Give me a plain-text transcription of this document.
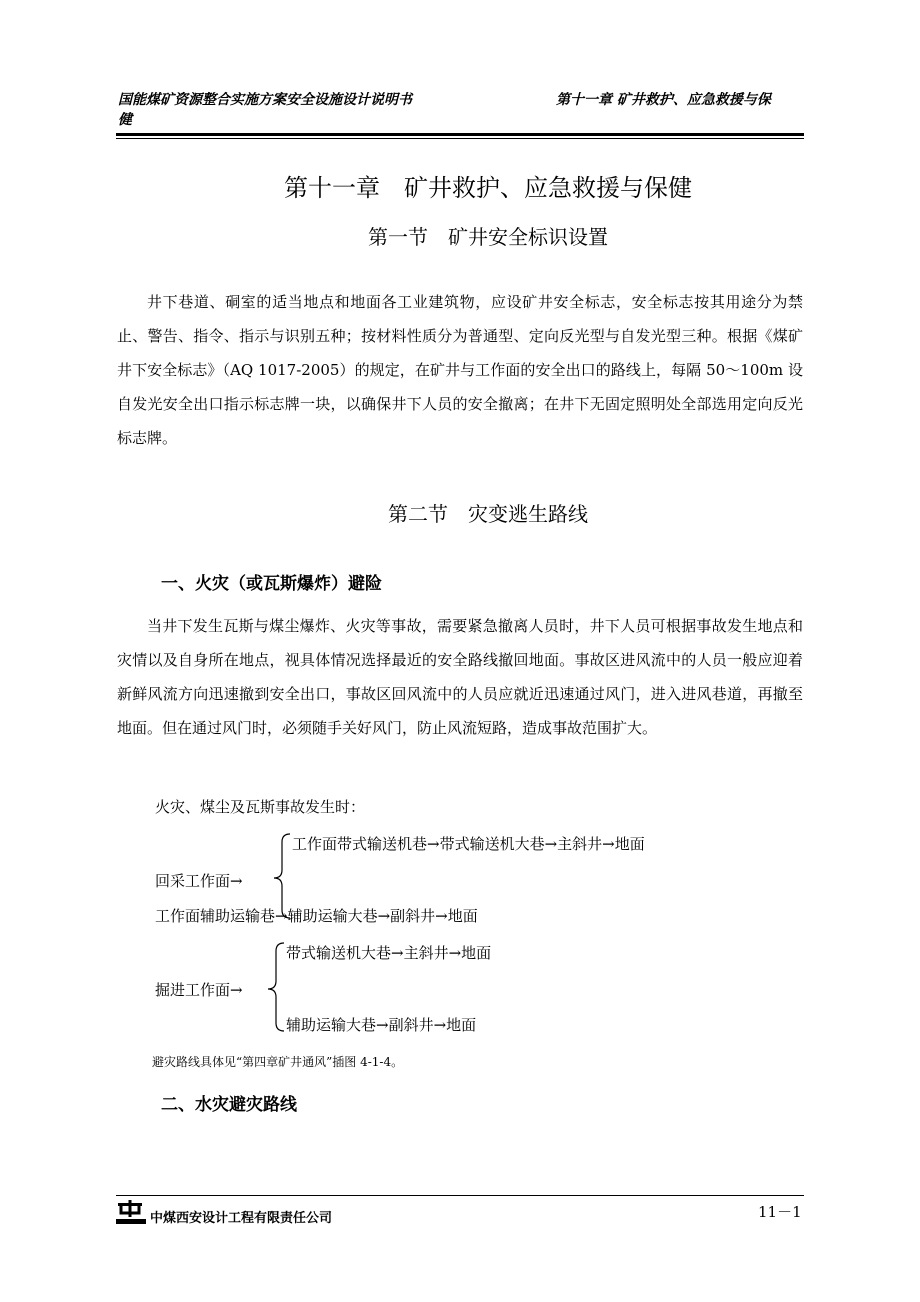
国能煤矿资源整合实施方案安全设施设计说明书
健
第十一章 矿井救护、应急救援与保
第十一章　矿井救护、应急救援与保健
第一节　矿井安全标识设置
井下巷道、硐室的适当地点和地面各工业建筑物，应设矿井安全标志，安全标志按其用途分为禁止、警告、指令、指示与识别五种；按材料性质分为普通型、定向反光型与自发光型三种。根据《煤矿井下安全标志》（AQ 1017-2005）的规定，在矿井与工作面的安全出口的路线上，每隔 50～100m 设自发光安全出口指示标志牌一块，以确保井下人员的安全撤离；在井下无固定照明处全部选用定向反光标志牌。
第二节　灾变逃生路线
一、火灾（或瓦斯爆炸）避险
当井下发生瓦斯与煤尘爆炸、火灾等事故，需要紧急撤离人员时，井下人员可根据事故发生地点和灾情以及自身所在地点，视具体情况选择最近的安全路线撤回地面。事故区进风流中的人员一般应迎着新鲜风流方向迅速撤到安全出口，事故区回风流中的人员应就近迅速通过风门，进入进风巷道，再撤至地面。但在通过风门时，必须随手关好风门，防止风流短路，造成事故范围扩大。
火灾、煤尘及瓦斯事故发生时：
工作面带式输送机巷→带式输送机大巷→主斜井→地面
回采工作面→
工作面辅助运输巷→辅助运输大巷→副斜井→地面
带式输送机大巷→主斜井→地面
掘进工作面→
辅助运输大巷→副斜井→地面
避灾路线具体见“第四章矿井通风”插图 4-1-4。
二、水灾避灾路线
中煤西安设计工程有限责任公司	11－1
